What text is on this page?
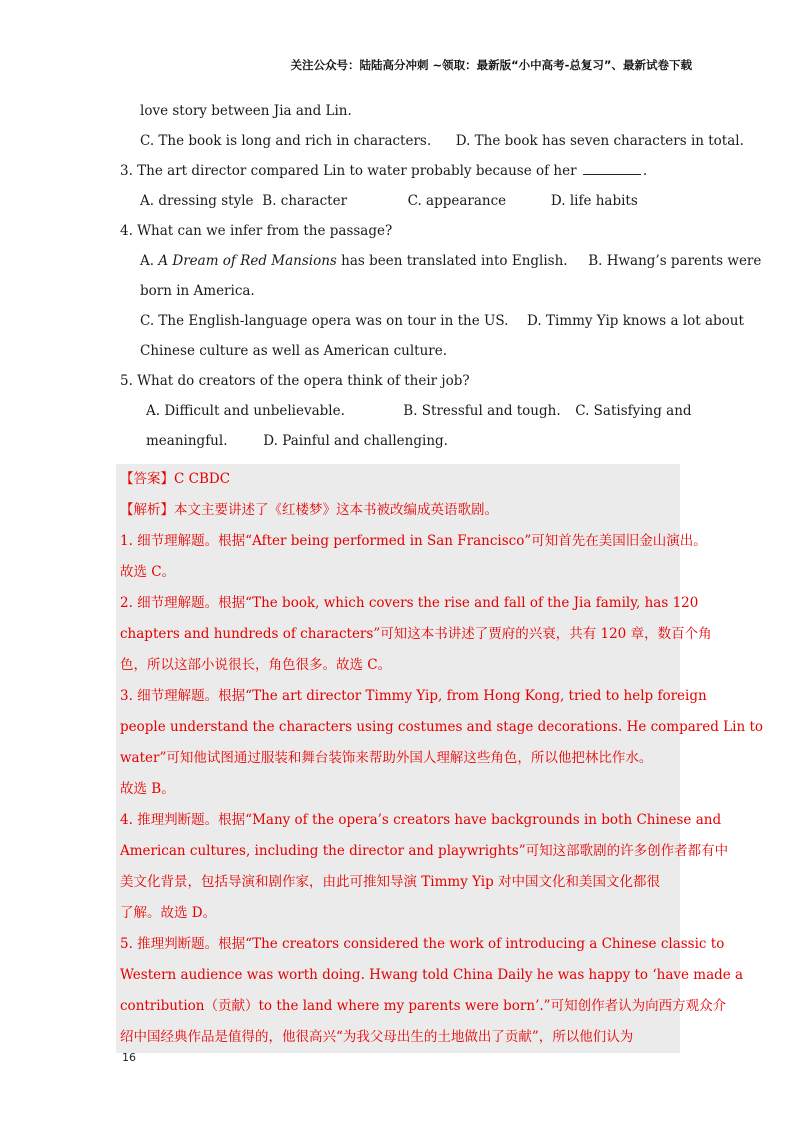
关注公众号：陆陆高分冲刺 ~领取：最新版“小中高考-总复习”、最新试卷下载
love story between Jia and Lin.
C. The book is long and rich in characters. D. The book has seven characters in total.
3. The art director compared Lin to water probably because of her	.
A. dressing style B. character	C. appearance	D. life habits
4. What can we infer from the passage?
A. A Dream of Red Mansions has been translated into English. B. Hwang’s parents were
born in America.
C. The English-language opera was on tour in the US. D. Timmy Yip knows a lot about
Chinese culture as well as American culture.
5. What do creators of the opera think of their job?
A. Difficult and unbelievable.	B. Stressful and tough. C. Satisfying and
meaningful.	D. Painful and challenging.
【答案】C CBDC
【解析】本文主要讲述了《红楼梦》这本书被改编成英语歌剧。
1. 细节理解题。根据“After being performed in San Francisco”可知首先在美国旧金山演出。
故选 C。
2. 细节理解题。根据“The book, which covers the rise and fall of the Jia family, has 120
chapters and hundreds of characters”可知这本书讲述了贾府的兴衰，共有 120 章，数百个角
色，所以这部小说很长，角色很多。故选 C。
3. 细节理解题。根据“The art director Timmy Yip, from Hong Kong, tried to help foreign
people understand the characters using costumes and stage decorations. He compared Lin to
water”可知他试图通过服装和舞台装饰来帮助外国人理解这些角色，所以他把林比作水。
故选 B。
4. 推理判断题。根据“Many of the opera’s creators have backgrounds in both Chinese and
American cultures, including the director and playwrights”可知这部歌剧的许多创作者都有中
美文化背景，包括导演和剧作家，由此可推知导演 Timmy Yip 对中国文化和美国文化都很
了解。故选 D。
5. 推理判断题。根据“The creators considered the work of introducing a Chinese classic to
Western audience was worth doing. Hwang told China Daily he was happy to ‘have made a
contribution（贡献）to the land where my parents were born’.”可知创作者认为向西方观众介
绍中国经典作品是值得的，他很高兴“为我父母出生的土地做出了贡献”，所以他们认为
16
